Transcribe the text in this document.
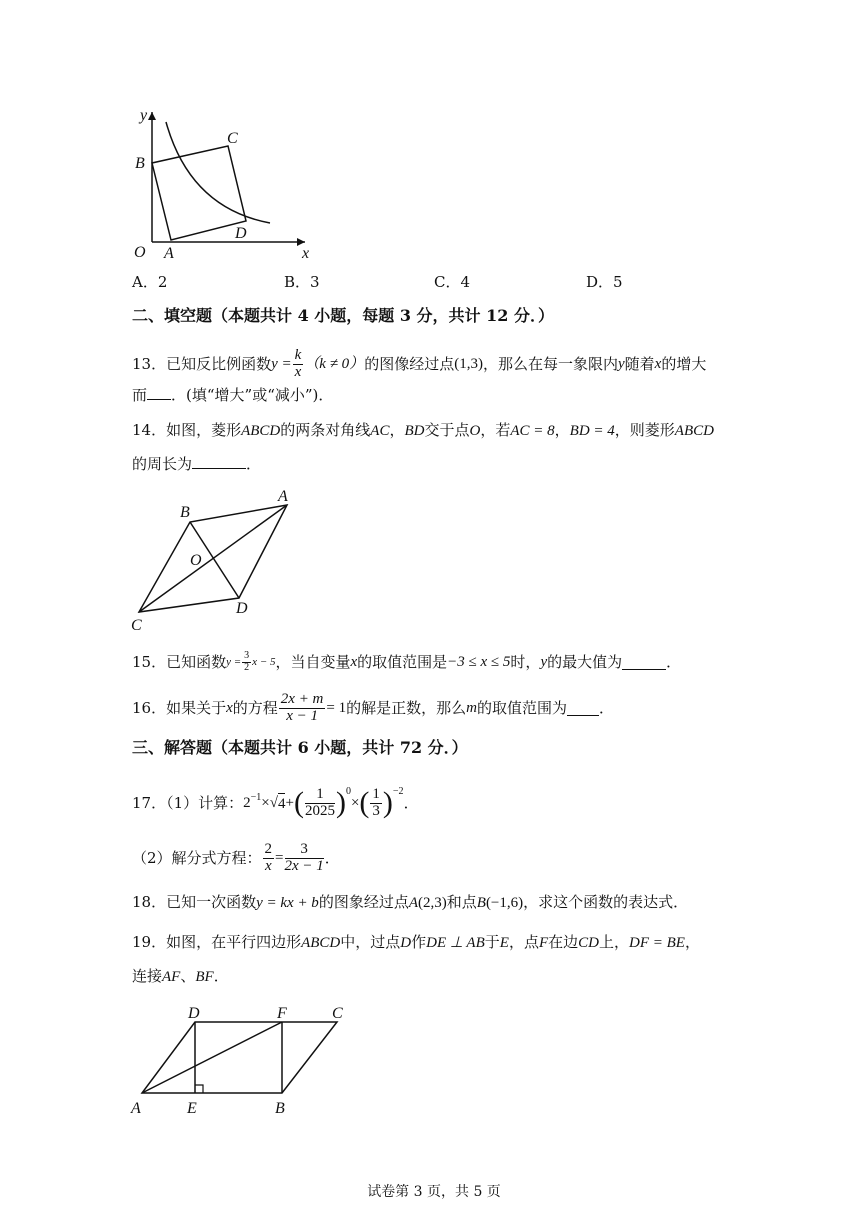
y
x
O A
B
C
D
A．2	B．3	C．4	D．5
二、填空题（本题共计 4 小题，每题 3 分，共计 12 分．）
13．已知反比例函数 $y = \frac{k}{x} (k \ne 0)$ 的图像经过点 (1,3) ，那么在每一象限内 y 随着 x 的增大
而 ．(填“增大”或“减小”)．
14．如图，菱形ABCD的两条对角线AC，BD交于点O，若AC = 8，BD = 4，则菱形ABCD
的周长为	．
A
B
C
D
O
15．已知函数 $y = \frac{3}{2}$ x − 5 ，当自变量 x 的取值范围是 −3 ≤ x ≤ 5 时， y 的最大值为	．
16．如果关于 x 的方程 $\frac{2x + m}{x - 1} = 1$ 的解是正数，那么 m 的取值范围为 ．
三、解答题（本题共计 6 小题，共计 72 分．）
17．（1）计算： $2^{-1}$ × √ 4 + ( $\frac{1}{2025} )^0$
× ( $\frac{1}{3} )^{-2}$
．
（2）解分式方程： $\frac{2}{x} = \frac{3}{2x - 1}$ ．
18．已知一次函数y = kx + b的图象经过点A(2,3)和点B(−1,6)，求这个函数的表达式．
19．如图，在平行四边形ABCD中，过点D作DE ⊥ AB于E，点F在边CD上，DF = BE，
连接AF、BF．
A	B
C
D
E
F
试卷第 3 页，共 5 页
